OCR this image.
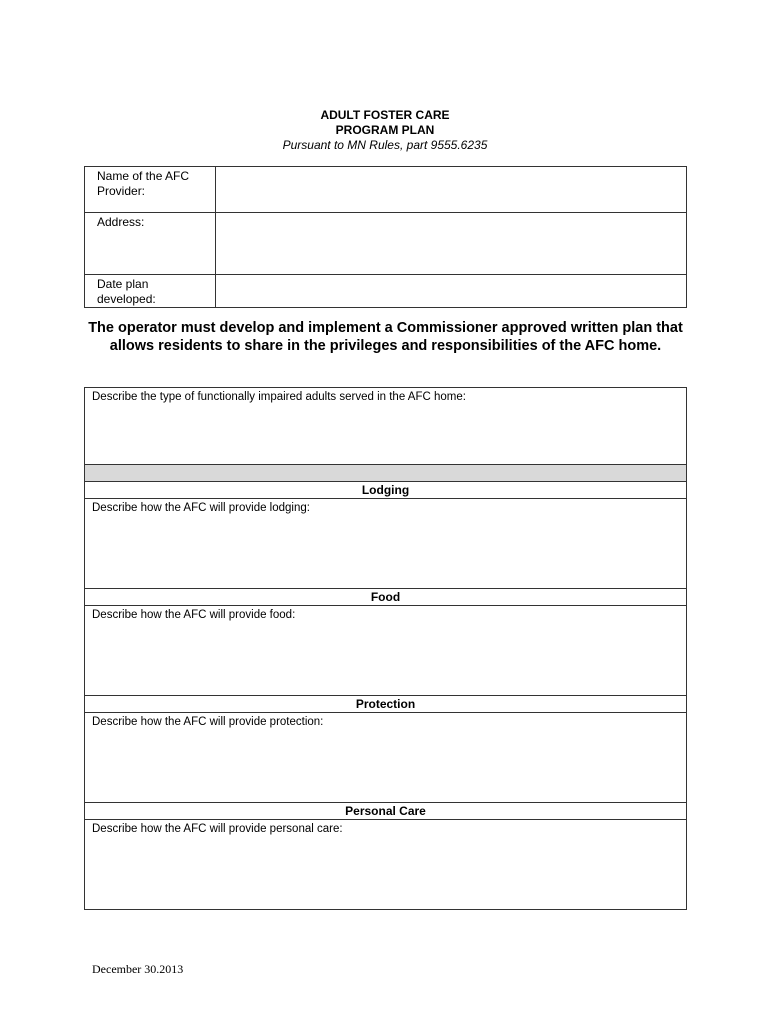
ADULT FOSTER CARE
PROGRAM PLAN
Pursuant to MN Rules, part 9555.6235
Name of the AFC Provider:	
Address:	
Date plan developed:	
The operator must develop and implement a Commissioner approved written plan that allows residents to share in the privileges and responsibilities of the AFC home.
Describe the type of functionally impaired adults served in the AFC home:
Lodging
Describe how the AFC will provide lodging:
Food
Describe how the AFC will provide food:
Protection
Describe how the AFC will provide protection:
Personal Care
Describe how the AFC will provide personal care:
December 30.2013
